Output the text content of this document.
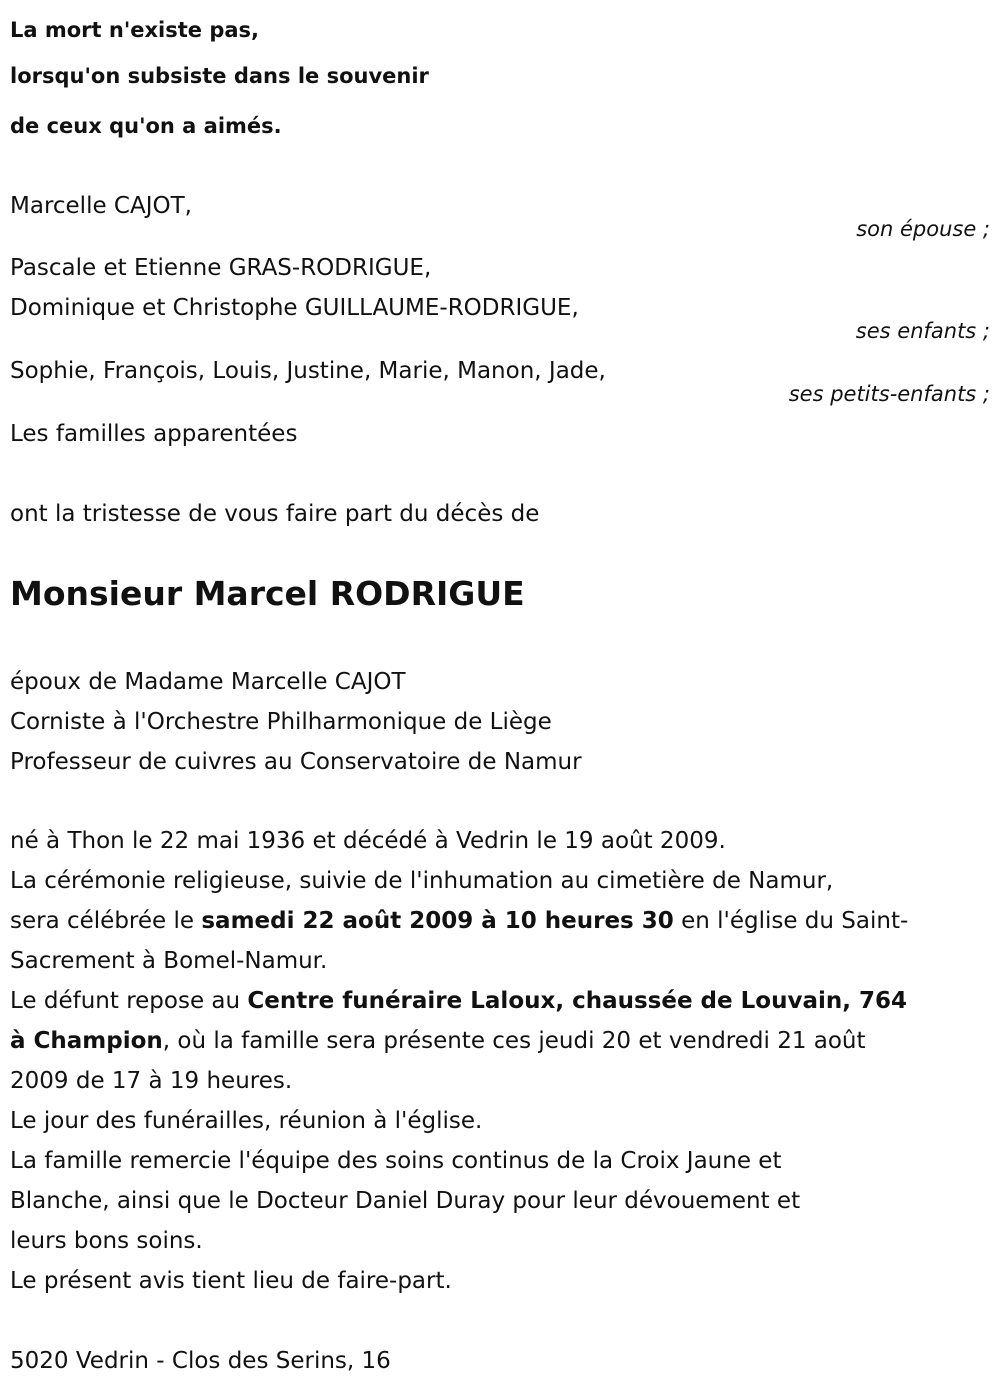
La mort n'existe pas,
lorsqu'on subsiste dans le souvenir
de ceux qu'on a aimés.
Marcelle CAJOT,
son épouse ;
Pascale et Etienne GRAS-RODRIGUE,
Dominique et Christophe GUILLAUME-RODRIGUE,
ses enfants ;
Sophie, François, Louis, Justine, Marie, Manon, Jade,
ses petits-enfants ;
Les familles apparentées
ont la tristesse de vous faire part du décès de
Monsieur Marcel RODRIGUE
époux de Madame Marcelle CAJOT
Corniste à l'Orchestre Philharmonique de Liège
Professeur de cuivres au Conservatoire de Namur
né à Thon le 22 mai 1936 et décédé à Vedrin le 19 août 2009.
La cérémonie religieuse, suivie de l'inhumation au cimetière de Namur,
sera célébrée le samedi 22 août 2009 à 10 heures 30 en l'église du Saint-
Sacrement à Bomel-Namur.
Le défunt repose au Centre funéraire Laloux, chaussée de Louvain, 764
à Champion, où la famille sera présente ces jeudi 20 et vendredi 21 août
2009 de 17 à 19 heures.
Le jour des funérailles, réunion à l'église.
La famille remercie l'équipe des soins continus de la Croix Jaune et
Blanche, ainsi que le Docteur Daniel Duray pour leur dévouement et
leurs bons soins.
Le présent avis tient lieu de faire-part.
5020 Vedrin - Clos des Serins, 16
